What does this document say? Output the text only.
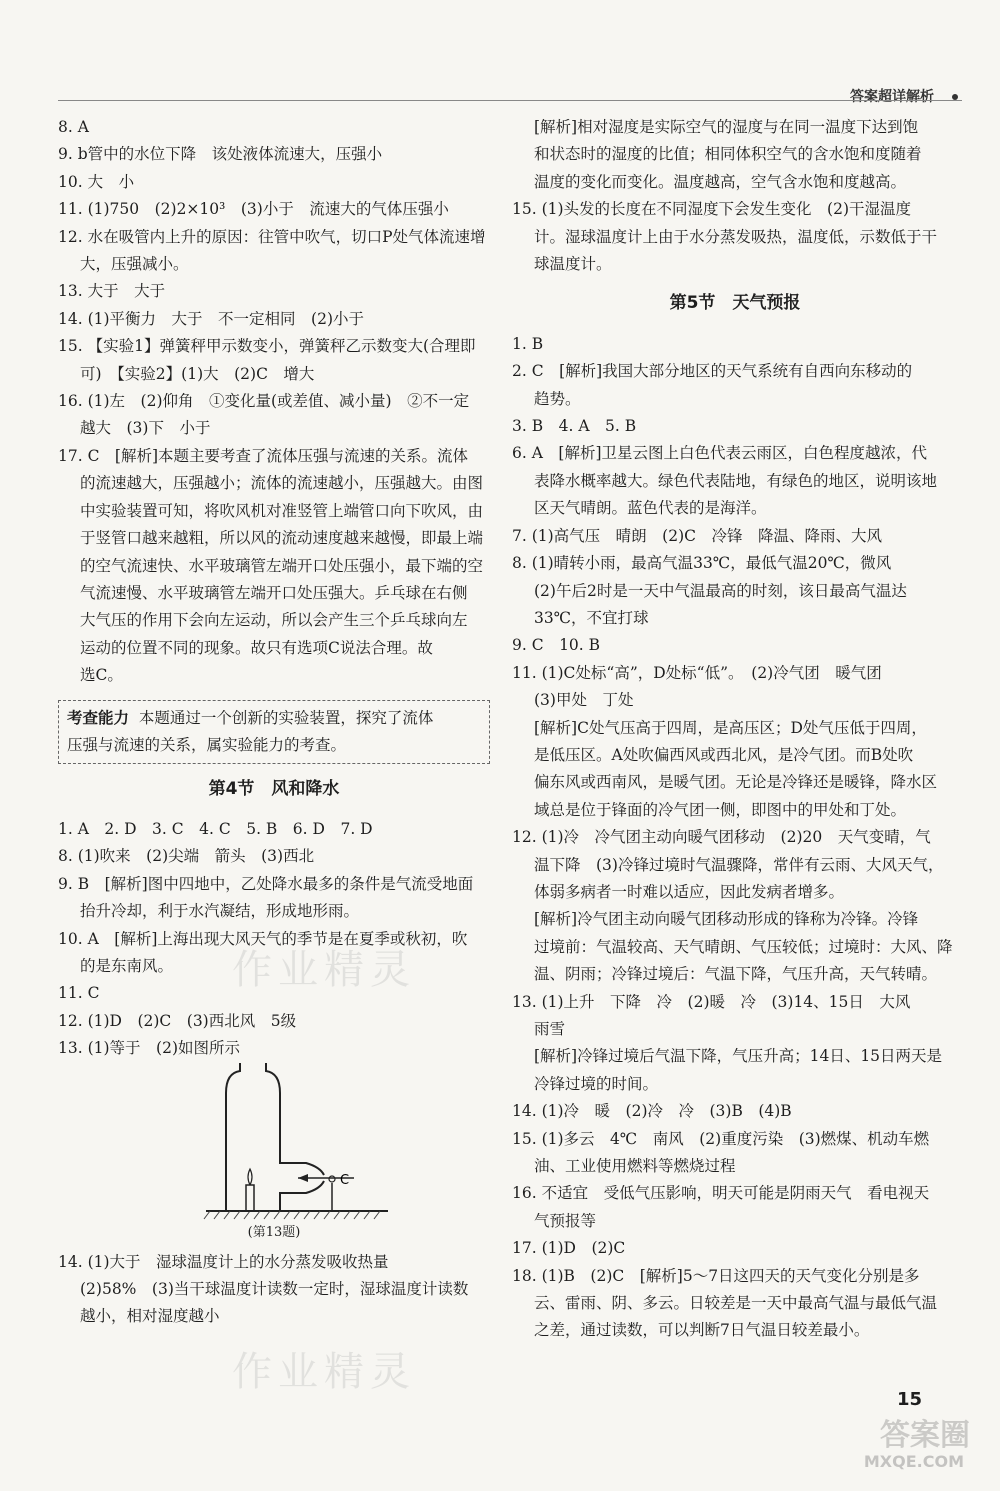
答案超详解析

8. A

9. b管中的水位下降　该处液体流速大，压强小

10. 大　小

11. (1)750　(2)2×10³　(3)小于　流速大的气体压强小

12. 水在吸管内上升的原因：往管中吹气，切口P处气体流速增

大，压强减小。

13. 大于　大于

14. (1)平衡力　大于　不一定相同　(2)小于

15. 【实验1】弹簧秤甲示数变小，弹簧秤乙示数变大(合理即

可)　【实验2】(1)大　(2)C　增大

16. (1)左　(2)仰角　①变化量(或差值、减小量)　②不一定

越大　(3)下　小于

17. C　[解析]本题主要考查了流体压强与流速的关系。流体

的流速越大，压强越小；流体的流速越小，压强越大。由图

中实验装置可知，将吹风机对准竖管上端管口向下吹风，由

于竖管口越来越粗，所以风的流动速度越来越慢，即最上端

的空气流速快、水平玻璃管左端开口处压强小，最下端的空

气流速慢、水平玻璃管左端开口处压强大。乒乓球在右侧

大气压的作用下会向左运动，所以会产生三个乒乓球向左

运动的位置不同的现象。故只有选项C说法合理。故

选C。

考查能力 本题通过一个创新的实验装置，探究了流体

压强与流速的关系，属实验能力的考查。

第4节　风和降水

1. A　2. D　3. C　4. C　5. B　6. D　7. D

8. (1)吹来　(2)尖端　箭头　(3)西北

9. B　[解析]图中四地中，乙处降水最多的条件是气流受地面

抬升冷却，利于水汽凝结，形成地形雨。

10. A　[解析]上海出现大风天气的季节是在夏季或秋初，吹

的是东南风。

11. C

12. (1)D　(2)C　(3)西北风　5级

13. (1)等于　(2)如图所示

C
(第13题)

14. (1)大于　湿球温度计上的水分蒸发吸收热量

(2)58%　(3)当干球温度计读数一定时，湿球温度计读数

越小，相对湿度越小

[解析]相对湿度是实际空气的湿度与在同一温度下达到饱

和状态时的湿度的比值；相同体积空气的含水饱和度随着

温度的变化而变化。温度越高，空气含水饱和度越高。

15. (1)头发的长度在不同湿度下会发生变化　(2)干湿温度

计。湿球温度计上由于水分蒸发吸热，温度低，示数低于干

球温度计。

第5节　天气预报

1. B

2. C　[解析]我国大部分地区的天气系统有自西向东移动的

趋势。

3. B　4. A　5. B

6. A　[解析]卫星云图上白色代表云雨区，白色程度越浓，代

表降水概率越大。绿色代表陆地，有绿色的地区，说明该地

区天气晴朗。蓝色代表的是海洋。

7. (1)高气压　晴朗　(2)C　冷锋　降温、降雨、大风

8. (1)晴转小雨，最高气温33℃，最低气温20℃，微风

(2)午后2时是一天中气温最高的时刻，该日最高气温达

33℃，不宜打球

9. C　10. B

11. (1)C处标“高”，D处标“低”。　(2)冷气团　暖气团

(3)甲处　丁处

[解析]C处气压高于四周，是高压区；D处气压低于四周，

是低压区。A处吹偏西风或西北风，是冷气团。而B处吹

偏东风或西南风，是暖气团。无论是冷锋还是暖锋，降水区

域总是位于锋面的冷气团一侧，即图中的甲处和丁处。

12. (1)冷　冷气团主动向暖气团移动　(2)20　天气变晴，气

温下降　(3)冷锋过境时气温骤降，常伴有云雨、大风天气，

体弱多病者一时难以适应，因此发病者增多。

[解析]冷气团主动向暖气团移动形成的锋称为冷锋。冷锋

过境前：气温较高、天气晴朗、气压较低；过境时：大风、降

温、阴雨；冷锋过境后：气温下降，气压升高，天气转晴。

13. (1)上升　下降　冷　(2)暖　冷　(3)14、15日　大风

雨雪

[解析]冷锋过境后气温下降，气压升高；14日、15日两天是

冷锋过境的时间。

14. (1)冷　暖　(2)冷　冷　(3)B　(4)B

15. (1)多云　4℃　南风　(2)重度污染　(3)燃煤、机动车燃

油、工业使用燃料等燃烧过程

16. 不适宜　受低气压影响，明天可能是阴雨天气　看电视天

气预报等

17. (1)D　(2)C

18. (1)B　(2)C　[解析]5～7日这四天的天气变化分别是多

云、雷雨、阴、多云。日较差是一天中最高气温与最低气温

之差，通过读数，可以判断7日气温日较差最小。

作业精灵
作业精灵
15
答案圈
MXQE.COM
